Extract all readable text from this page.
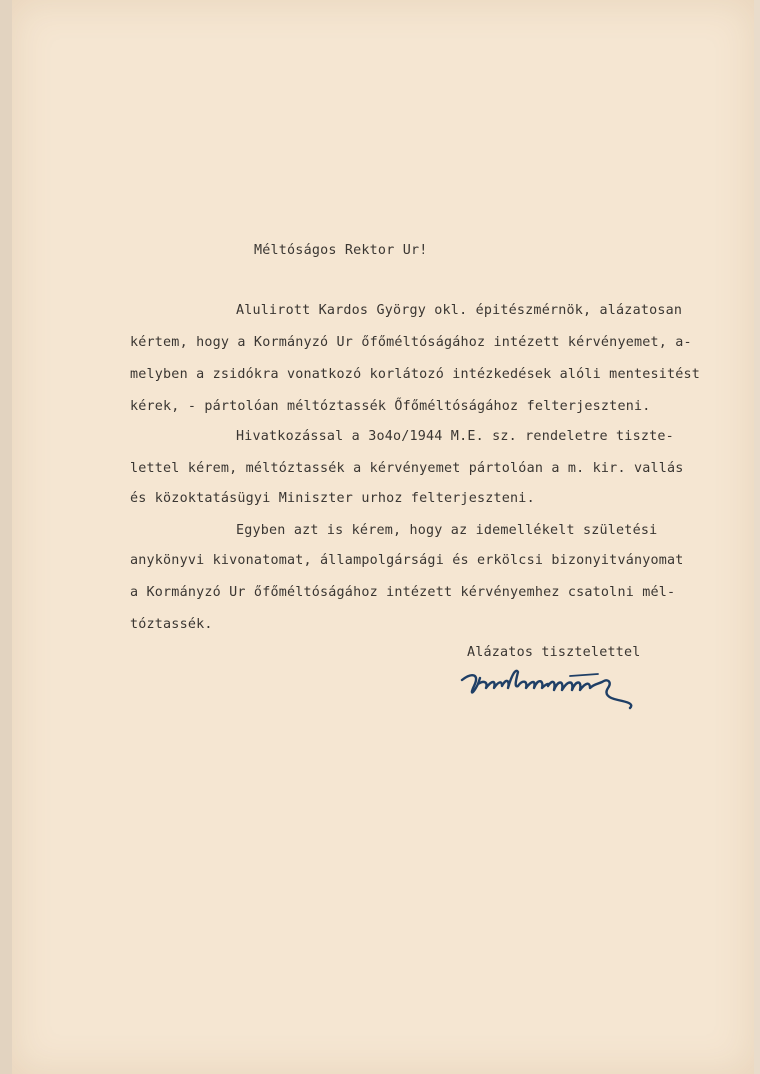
Méltóságos Rektor Ur!
Alulirott Kardos György okl. épitészmérnök, alázatosan
kértem, hogy a Kormányzó Ur őfőméltóságához intézett kérvényemet, a-
melyben a zsidókra vonatkozó korlátozó intézkedések alóli mentesitést
kérek, - pártolóan méltóztassék Őfőméltóságához felterjeszteni.
Hivatkozással a 3o4o/1944 M.E. sz. rendeletre tiszte-
lettel kérem, méltóztassék a kérvényemet pártolóan a m. kir. vallás
és közoktatásügyi Miniszter urhoz felterjeszteni.
Egyben azt is kérem, hogy az idemellékelt születési
anykönyvi kivonatomat, állampolgársági és erkölcsi bizonyitványomat
a Kormányzó Ur őfőméltóságához intézett kérvényemhez csatolni mél-
tóztassék.
Alázatos tisztelettel
